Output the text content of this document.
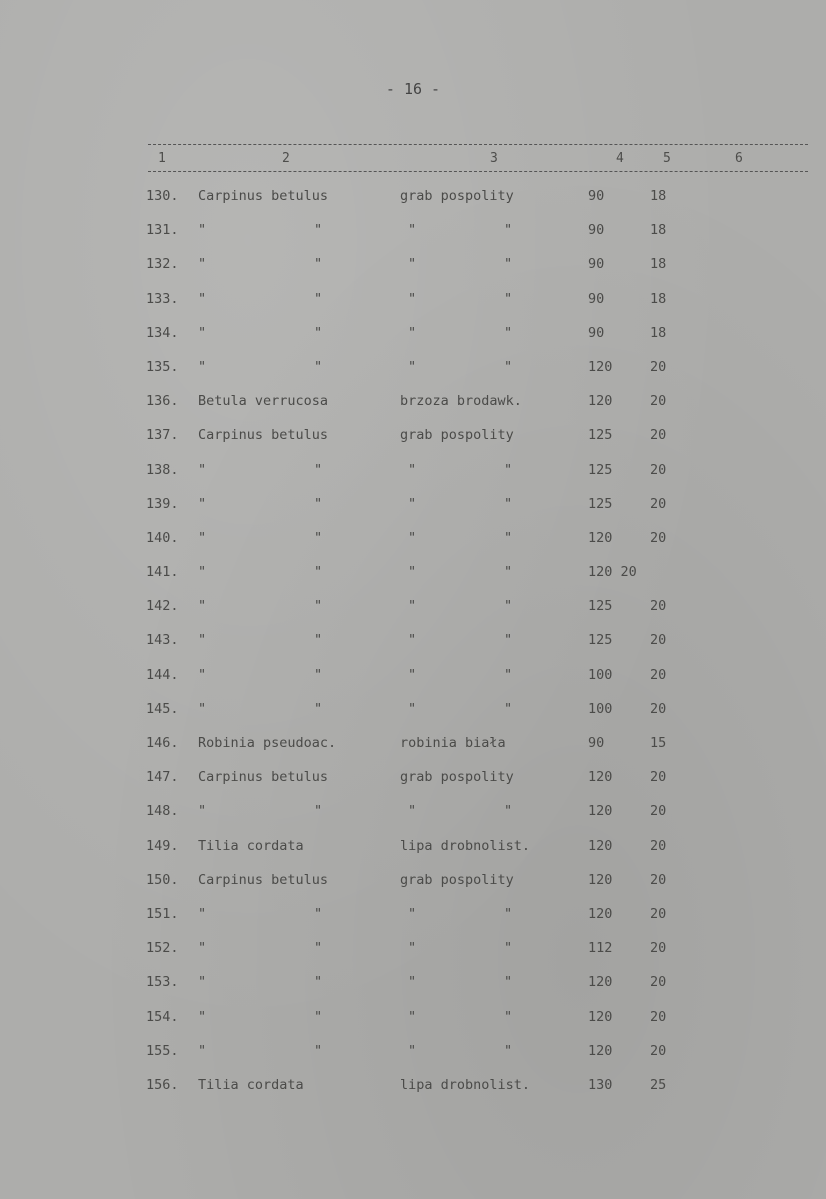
- 16 -
1	2	3	4	5	6
130. Carpinus betulus	grab pospolity	90	18
131. "	"	"	"	90	18
132. "	"	"	"	90	18
133. "	"	"	"	90	18
134. "	"	"	"	90	18
135. "	"	"	"	120	20
136. Betula verrucosa	brzoza brodawk.	120	20
137. Carpinus betulus	grab pospolity	125	20
138. "	"	"	"	125	20
139. "	"	"	"	125	20
140. "	"	"	"	120	20
141. "	"	"	"	120 20
142. "	"	"	"	125	20
143. "	"	"	"	125	20
144. "	"	"	"	100	20
145. "	"	"	"	100	20
146. Robinia pseudoac.	robinia biała	90	15
147. Carpinus betulus	grab pospolity	120	20
148. "	"	"	"	120	20
149. Tilia cordata	lipa drobnolist.	120	20
150. Carpinus betulus	grab pospolity	120	20
151. "	"	"	"	120	20
152. "	"	"	"	112	20
153. "	"	"	"	120	20
154. "	"	"	"	120	20
155. "	"	"	"	120	20
156. Tilia cordata	lipa drobnolist.	130	25
